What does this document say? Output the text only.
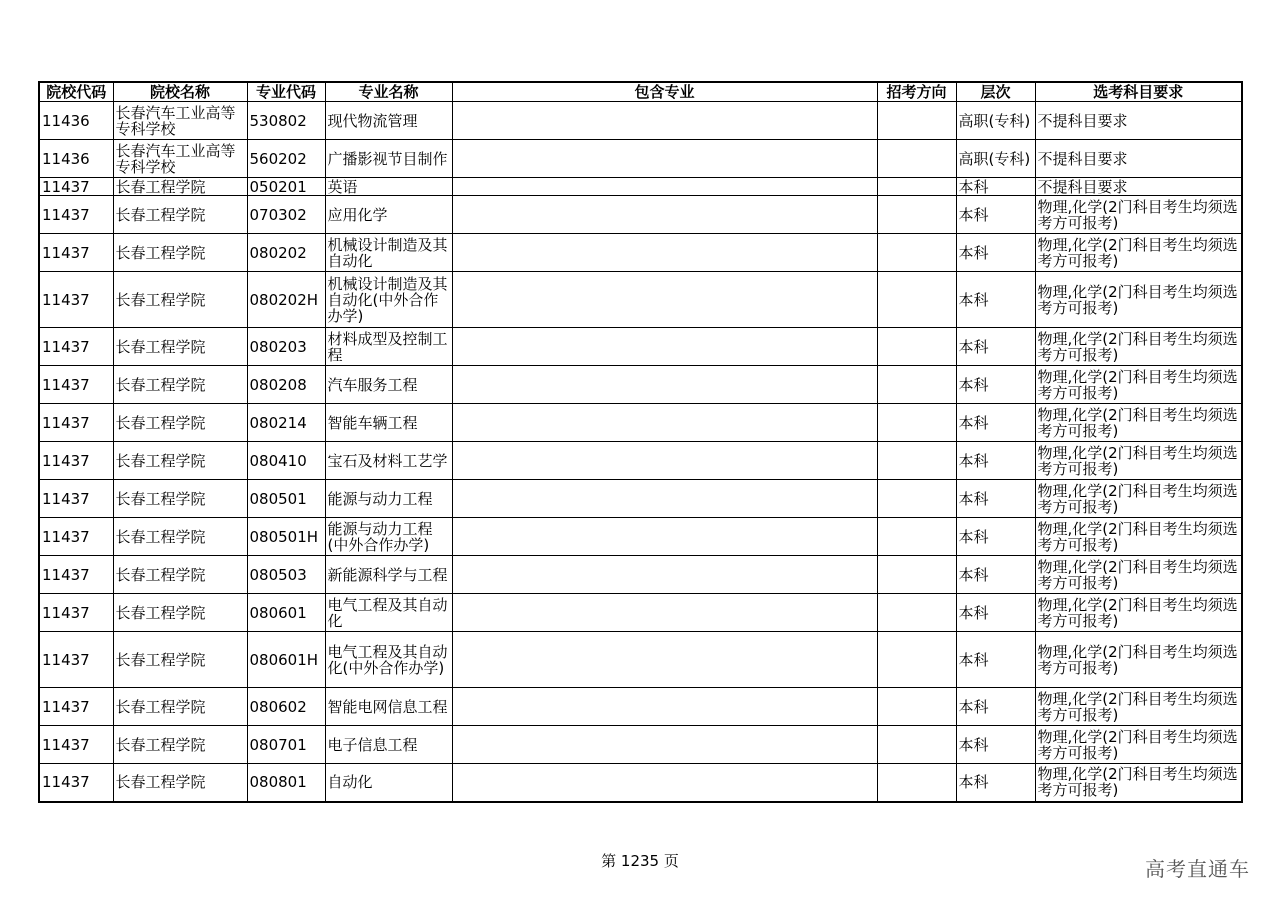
院校代码	院校名称	专业代码	专业名称	包含专业	招考方向	层次	选考科目要求
11436	长春汽车工业高等专科学校	530802	现代物流管理			高职(专科)	不提科目要求
11436	长春汽车工业高等专科学校	560202	广播影视节目制作			高职(专科)	不提科目要求
11437	长春工程学院	050201	英语			本科	不提科目要求
11437	长春工程学院	070302	应用化学			本科	物理,化学(2门科目考生均须选考方可报考)
11437	长春工程学院	080202	机械设计制造及其自动化			本科	物理,化学(2门科目考生均须选考方可报考)
11437	长春工程学院	080202H	机械设计制造及其自动化(中外合作办学)			本科	物理,化学(2门科目考生均须选考方可报考)
11437	长春工程学院	080203	材料成型及控制工程			本科	物理,化学(2门科目考生均须选考方可报考)
11437	长春工程学院	080208	汽车服务工程			本科	物理,化学(2门科目考生均须选考方可报考)
11437	长春工程学院	080214	智能车辆工程			本科	物理,化学(2门科目考生均须选考方可报考)
11437	长春工程学院	080410	宝石及材料工艺学			本科	物理,化学(2门科目考生均须选考方可报考)
11437	长春工程学院	080501	能源与动力工程			本科	物理,化学(2门科目考生均须选考方可报考)
11437	长春工程学院	080501H	能源与动力工程(中外合作办学)			本科	物理,化学(2门科目考生均须选考方可报考)
11437	长春工程学院	080503	新能源科学与工程			本科	物理,化学(2门科目考生均须选考方可报考)
11437	长春工程学院	080601	电气工程及其自动化			本科	物理,化学(2门科目考生均须选考方可报考)
11437	长春工程学院	080601H	电气工程及其自动化(中外合作办学)			本科	物理,化学(2门科目考生均须选考方可报考)
11437	长春工程学院	080602	智能电网信息工程			本科	物理,化学(2门科目考生均须选考方可报考)
11437	长春工程学院	080701	电子信息工程			本科	物理,化学(2门科目考生均须选考方可报考)
11437	长春工程学院	080801	自动化			本科	物理,化学(2门科目考生均须选考方可报考)
第 1235 页	高考直通车
